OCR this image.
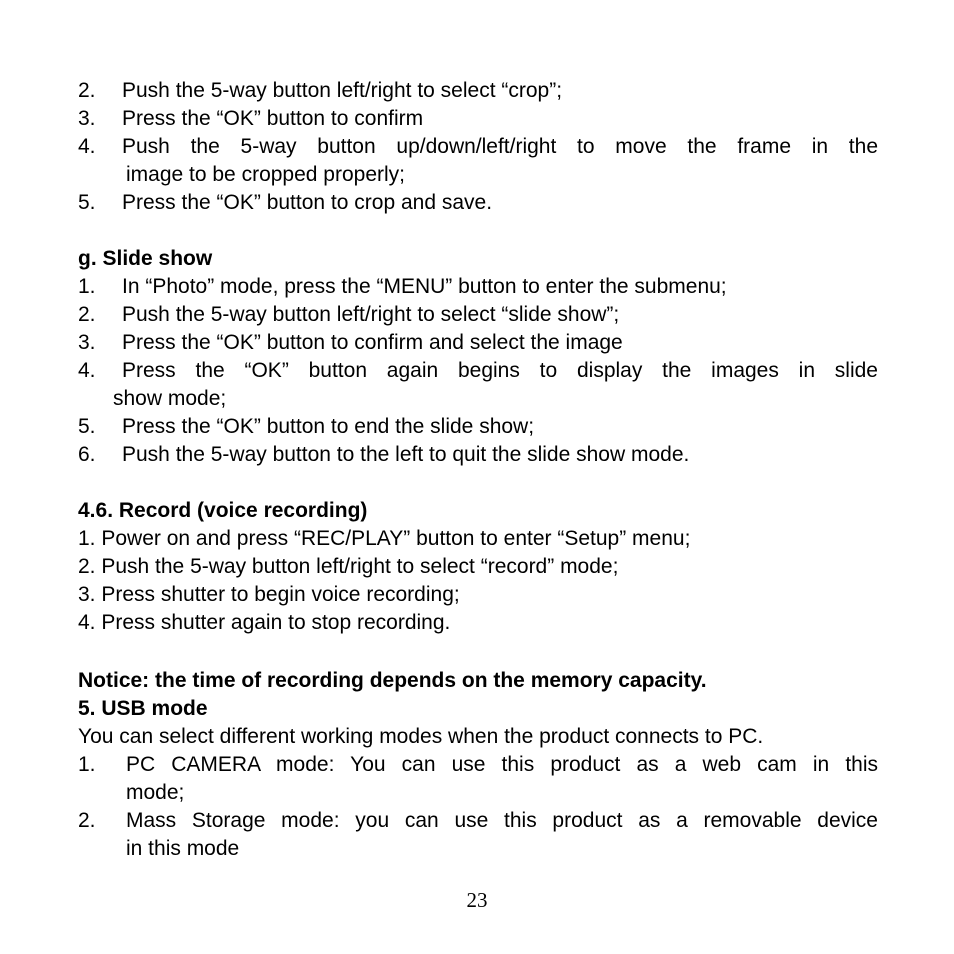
2. Push the 5-way button left/right to select “crop”;
3. Press the “OK” button to confirm
4. Push the 5-way button up/down/left/right to move the frame in the
image to be cropped properly;
5. Press the “OK” button to crop and save.
g. Slide show
1. In “Photo” mode, press the “MENU” button to enter the submenu;
2. Push the 5-way button left/right to select “slide show”;
3. Press the “OK” button to confirm and select the image
4. Press the “OK” button again begins to display the images in slide
show mode;
5. Press the “OK” button to end the slide show;
6. Push the 5-way button to the left to quit the slide show mode.
4.6. Record (voice recording)
1. Power on and press “REC/PLAY” button to enter “Setup” menu;
2. Push the 5-way button left/right to select “record” mode;
3. Press shutter to begin voice recording;
4. Press shutter again to stop recording.
Notice: the time of recording depends on the memory capacity.
5. USB mode
You can select different working modes when the product connects to PC.
1. PC CAMERA mode: You can use this product as a web cam in this
mode;
2. Mass Storage mode: you can use this product as a removable device
in this mode
23
